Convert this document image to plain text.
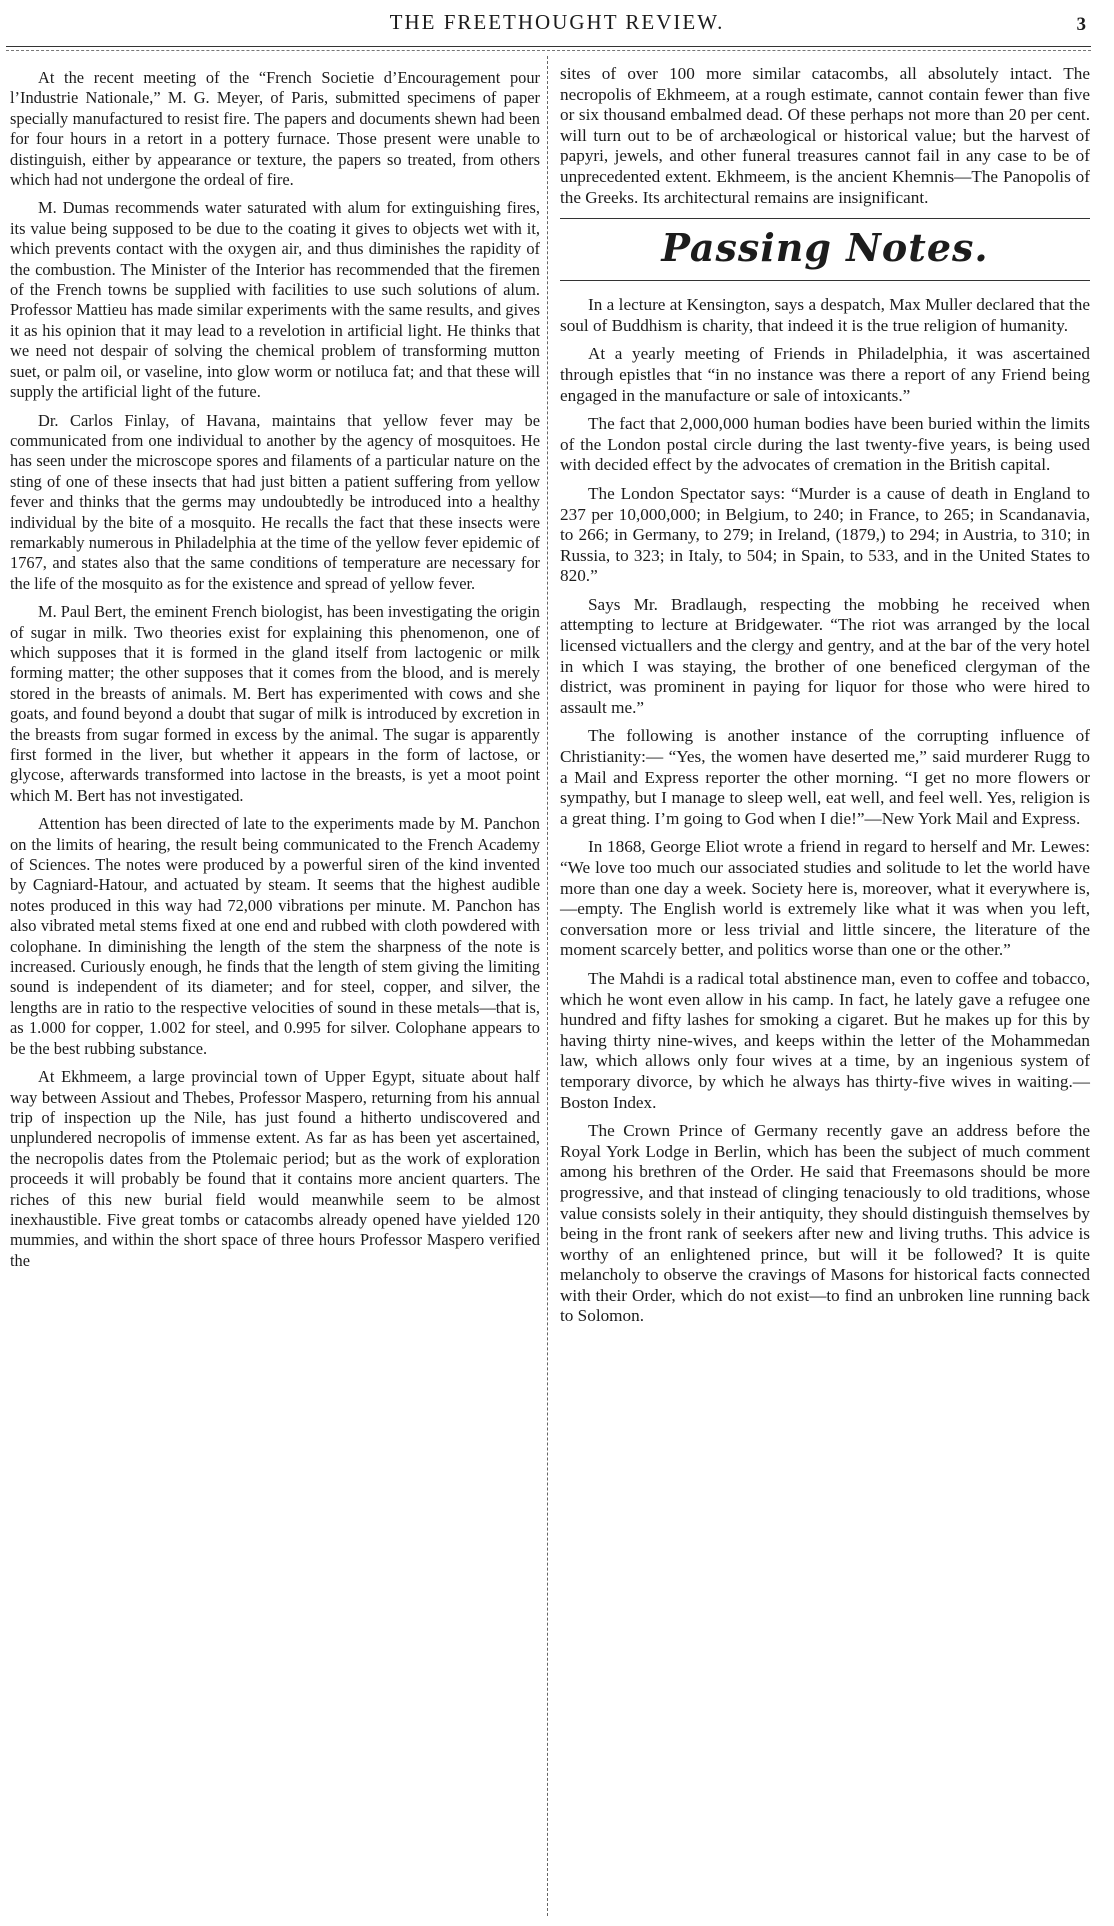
THE FREETHOUGHT REVIEW.	3

At the recent meeting of the “French Societie d’Encouragement pour l’Industrie Nationale,” M. G. Meyer, of Paris, submitted specimens of paper specially manufactured to resist fire. The papers and documents shewn had been for four hours in a retort in a pottery furnace. Those present were unable to distinguish, either by appearance or texture, the papers so treated, from others which had not undergone the ordeal of fire.

M. Dumas recommends water saturated with alum for extinguishing fires, its value being supposed to be due to the coating it gives to objects wet with it, which prevents contact with the oxygen air, and thus diminishes the rapidity of the combustion. The Minister of the Interior has recommended that the firemen of the French towns be supplied with facilities to use such solutions of alum. Professor Mattieu has made similar experiments with the same results, and gives it as his opinion that it may lead to a revelotion in artificial light. He thinks that we need not despair of solving the chemical problem of transforming mutton suet, or palm oil, or vaseline, into glow worm or notiluca fat; and that these will supply the artificial light of the future.

Dr. Carlos Finlay, of Havana, maintains that yellow fever may be communicated from one individual to another by the agency of mosquitoes. He has seen under the microscope spores and filaments of a particular nature on the sting of one of these insects that had just bitten a patient suffering from yellow fever and thinks that the germs may undoubtedly be introduced into a healthy individual by the bite of a mosquito. He recalls the fact that these insects were remarkably numerous in Philadelphia at the time of the yellow fever epidemic of 1767, and states also that the same conditions of temperature are necessary for the life of the mosquito as for the existence and spread of yellow fever.

M. Paul Bert, the eminent French biologist, has been investigating the origin of sugar in milk. Two theories exist for explaining this phenomenon, one of which supposes that it is formed in the gland itself from lactogenic or milk forming matter; the other supposes that it comes from the blood, and is merely stored in the breasts of animals. M. Bert has experimented with cows and she goats, and found beyond a doubt that sugar of milk is introduced by excretion in the breasts from sugar formed in excess by the animal. The sugar is apparently first formed in the liver, but whether it appears in the form of lactose, or glycose, afterwards transformed into lactose in the breasts, is yet a moot point which M. Bert has not investigated.

Attention has been directed of late to the experiments made by M. Panchon on the limits of hearing, the result being communicated to the French Academy of Sciences. The notes were produced by a powerful siren of the kind invented by Cagniard-Hatour, and actuated by steam. It seems that the highest audible notes produced in this way had 72,000 vibrations per minute. M. Panchon has also vibrated metal stems fixed at one end and rubbed with cloth powdered with colophane. In diminishing the length of the stem the sharpness of the note is increased. Curiously enough, he finds that the length of stem giving the limiting sound is independent of its diameter; and for steel, copper, and silver, the lengths are in ratio to the respective velocities of sound in these metals—that is, as 1.000 for copper, 1.002 for steel, and 0.995 for silver. Colophane appears to be the best rubbing substance.

At Ekhmeem, a large provincial town of Upper Egypt, situate about half way between Assiout and Thebes, Professor Maspero, returning from his annual trip of inspection up the Nile, has just found a hitherto undiscovered and unplundered necropolis of immense extent. As far as has been yet ascertained, the necropolis dates from the Ptolemaic period; but as the work of exploration proceeds it will probably be found that it contains more ancient quarters. The riches of this new burial field would meanwhile seem to be almost inexhaustible. Five great tombs or catacombs already opened have yielded 120 mummies, and within the short space of three hours Professor Maspero verified the

sites of over 100 more similar catacombs, all absolutely intact. The necropolis of Ekhmeem, at a rough estimate, cannot contain fewer than five or six thousand embalmed dead. Of these perhaps not more than 20 per cent. will turn out to be of archæological or historical value; but the harvest of papyri, jewels, and other funeral treasures cannot fail in any case to be of unprecedented extent. Ekhmeem, is the ancient Khemnis—The Panopolis of the Greeks. Its architectural remains are insignificant.

Passing Notes.

In a lecture at Kensington, says a despatch, Max Muller declared that the soul of Buddhism is charity, that indeed it is the true religion of humanity.

At a yearly meeting of Friends in Philadelphia, it was ascertained through epistles that “in no instance was there a report of any Friend being engaged in the manufacture or sale of intoxicants.”

The fact that 2,000,000 human bodies have been buried within the limits of the London postal circle during the last twenty-five years, is being used with decided effect by the advocates of cremation in the British capital.

The London Spectator says: “Murder is a cause of death in England to 237 per 10,000,000; in Belgium, to 240; in France, to 265; in Scandanavia, to 266; in Germany, to 279; in Ireland, (1879,) to 294; in Austria, to 310; in Russia, to 323; in Italy, to 504; in Spain, to 533, and in the United States to 820.”

Says Mr. Bradlaugh, respecting the mobbing he received when attempting to lecture at Bridgewater. “The riot was arranged by the local licensed victuallers and the clergy and gentry, and at the bar of the very hotel in which I was staying, the brother of one beneficed clergyman of the district, was prominent in paying for liquor for those who were hired to assault me.”

The following is another instance of the corrupting influence of Christianity:— “Yes, the women have deserted me,” said murderer Rugg to a Mail and Express reporter the other morning. “I get no more flowers or sympathy, but I manage to sleep well, eat well, and feel well. Yes, religion is a great thing. I’m going to God when I die!”—New York Mail and Express.

In 1868, George Eliot wrote a friend in regard to herself and Mr. Lewes: “We love too much our associated studies and solitude to let the world have more than one day a week. Society here is, moreover, what it everywhere is,—empty. The English world is extremely like what it was when you left, conversation more or less trivial and little sincere, the literature of the moment scarcely better, and politics worse than one or the other.”

The Mahdi is a radical total abstinence man, even to coffee and tobacco, which he wont even allow in his camp. In fact, he lately gave a refugee one hundred and fifty lashes for smoking a cigaret. But he makes up for this by having thirty nine-wives, and keeps within the letter of the Mohammedan law, which allows only four wives at a time, by an ingenious system of temporary divorce, by which he always has thirty-five wives in waiting.—Boston Index.

The Crown Prince of Germany recently gave an address before the Royal York Lodge in Berlin, which has been the subject of much comment among his brethren of the Order. He said that Freemasons should be more progressive, and that instead of clinging tenaciously to old traditions, whose value consists solely in their antiquity, they should distinguish themselves by being in the front rank of seekers after new and living truths. This advice is worthy of an enlightened prince, but will it be followed? It is quite melancholy to observe the cravings of Masons for historical facts connected with their Order, which do not exist—to find an unbroken line running back to Solomon.
